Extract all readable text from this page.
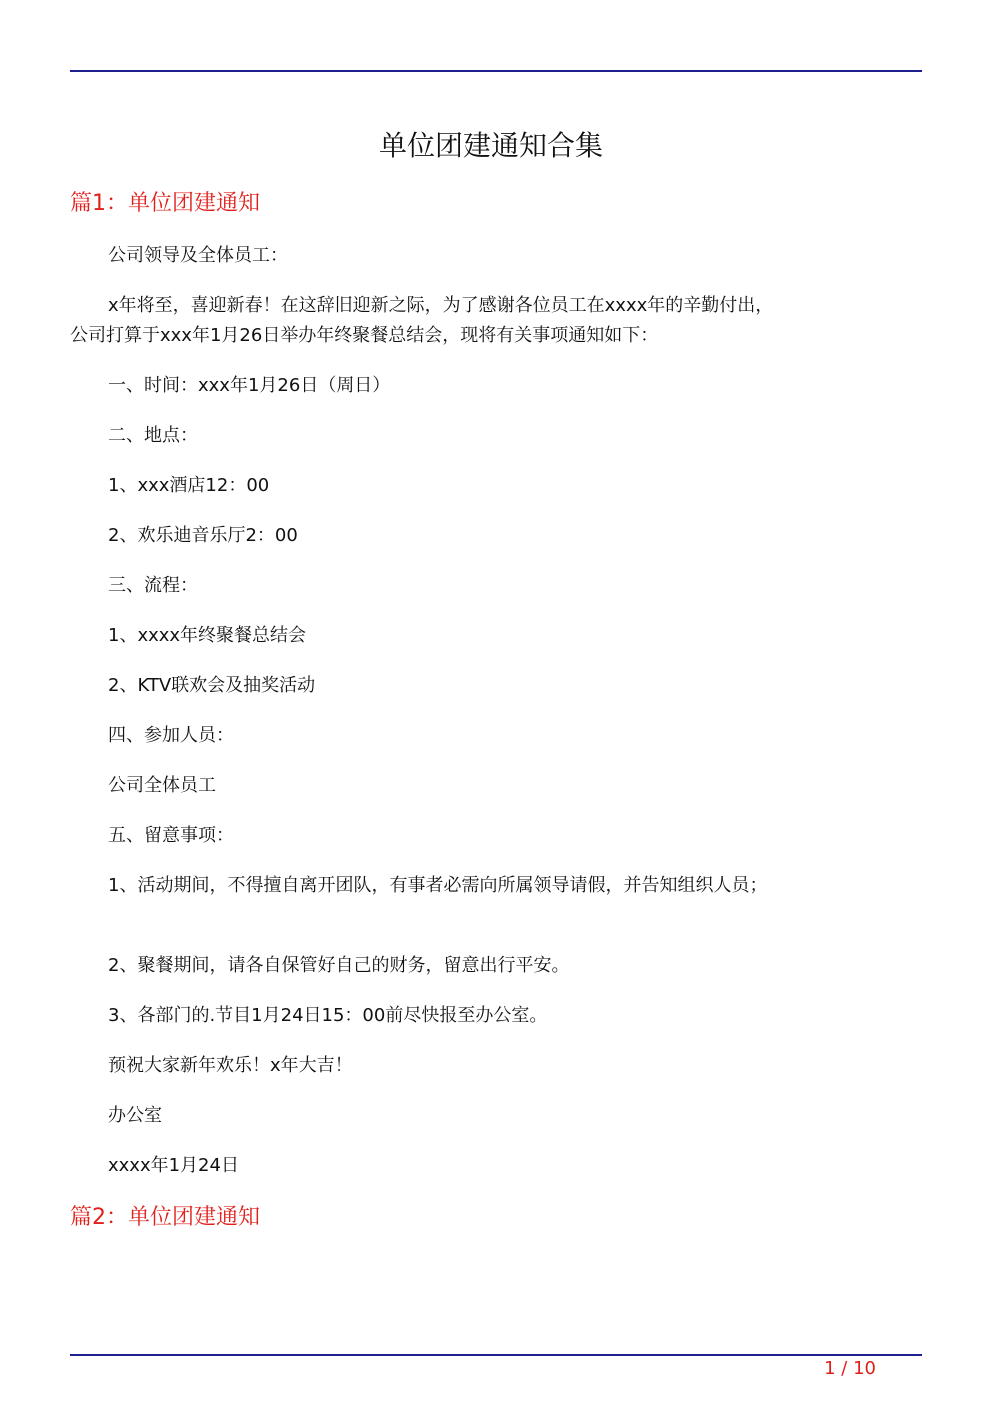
单位团建通知合集
篇1：单位团建通知

公司领导及全体员工：

x年将至，喜迎新春！在这辞旧迎新之际，为了感谢各位员工在xxxx年的辛勤付出，公司打算于xxx年1月26日举办年终聚餐总结会，现将有关事项通知如下：

一、时间：xxx年1月26日（周日）

二、地点：

1、xxx酒店12：00

2、欢乐迪音乐厅2：00

三、流程：

1、xxxx年终聚餐总结会

2、KTV联欢会及抽奖活动

四、参加人员：

公司全体员工

五、留意事项：

1、活动期间，不得擅自离开团队，有事者必需向所属领导请假，并告知组织人员；

2、聚餐期间，请各自保管好自己的财务，留意出行平安。

3、各部门的.节目1月24日15：00前尽快报至办公室。

预祝大家新年欢乐！x年大吉！

办公室

xxxx年1月24日

篇2：单位团建通知
1 / 10
